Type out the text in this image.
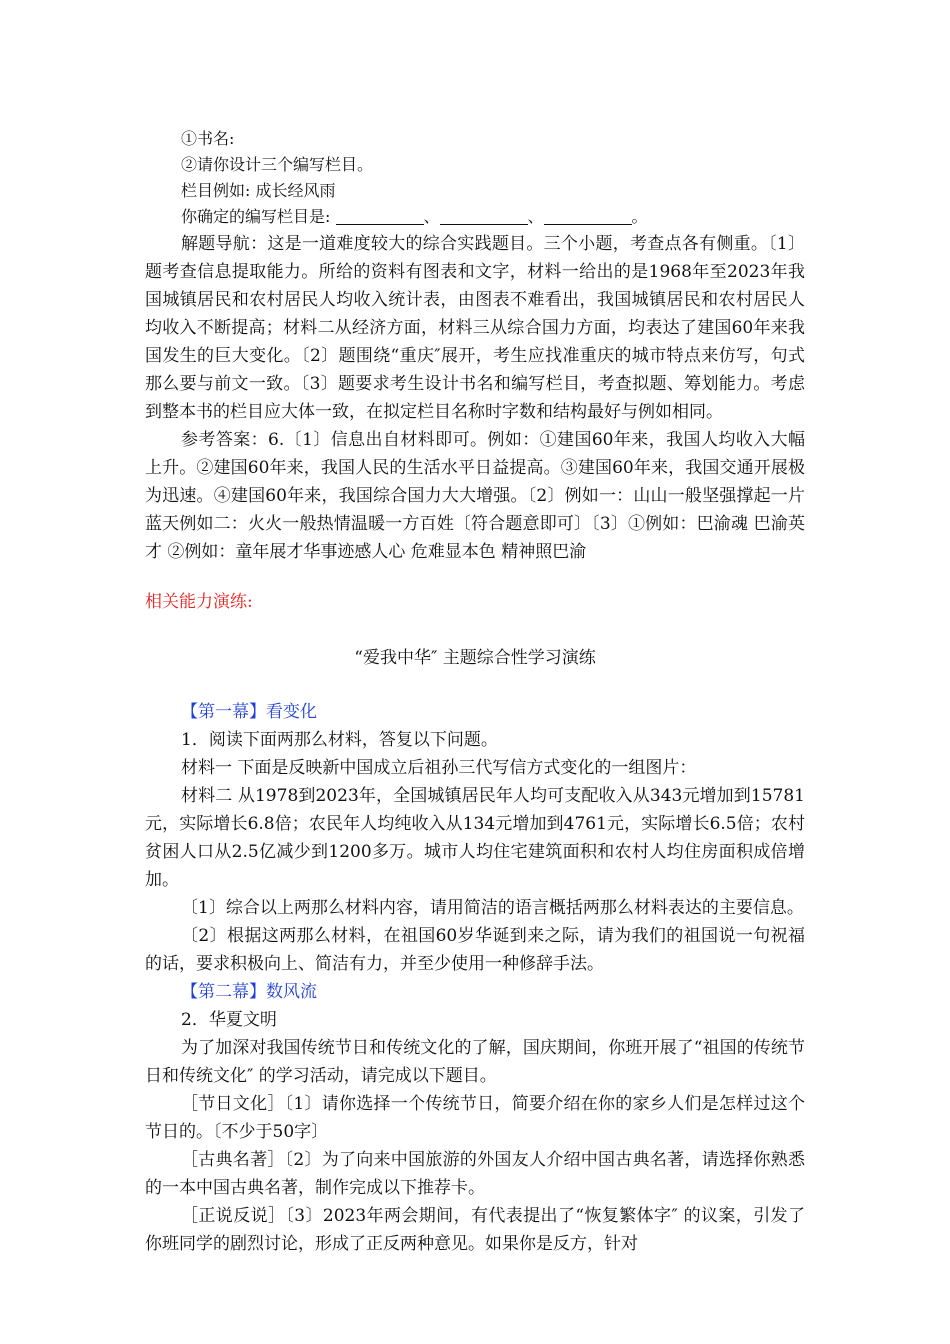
①书名:

②请你设计三个编写栏目。

栏目例如: 成长经风雨

你确定的编写栏目是:	、	、	。

解题导航：这是一道难度较大的综合实践题目。三个小题，考查点各有侧重。〔1〕题考查信息提取能力。所给的资料有图表和文字，材料一给出的是1968年至2023年我国城镇居民和农村居民人均收入统计表，由图表不难看出，我国城镇居民和农村居民人均收入不断提高；材料二从经济方面，材料三从综合国力方面，均表达了建国60年来我国发生的巨大变化。〔2〕题围绕“重庆″展开，考生应找准重庆的城市特点来仿写，句式那么要与前文一致。〔3〕题要求考生设计书名和编写栏目，考查拟题、筹划能力。考虑到整本书的栏目应大体一致，在拟定栏目名称时字数和结构最好与例如相同。

参考答案：6.〔1〕信息出自材料即可。例如：①建国60年来，我国人均收入大幅上升。②建国60年来，我国人民的生活水平日益提高。③建国60年来，我国交通开展极为迅速。④建国60年来，我国综合国力大大增强。〔2〕例如一：山山一般坚强撑起一片蓝天例如二：火火一般热情温暖一方百姓〔符合题意即可〕〔3〕①例如：巴渝魂 巴渝英才 ②例如：童年展才华事迹感人心 危难显本色 精神照巴渝

相关能力演练:

“爱我中华″ 主题综合性学习演练

【第一幕】看变化

1．阅读下面两那么材料，答复以下问题。

材料一 下面是反映新中国成立后祖孙三代写信方式变化的一组图片：

材料二 从1978到2023年，全国城镇居民年人均可支配收入从343元增加到15781元，实际增长6.8倍；农民年人均纯收入从134元增加到4761元，实际增长6.5倍；农村贫困人口从2.5亿减少到1200多万。城市人均住宅建筑面积和农村人均住房面积成倍增加。

〔1〕综合以上两那么材料内容，请用简洁的语言概括两那么材料表达的主要信息。

〔2〕根据这两那么材料，在祖国60岁华诞到来之际，请为我们的祖国说一句祝福的话，要求积极向上、简洁有力，并至少使用一种修辞手法。

【第二幕】数风流

2．华夏文明

为了加深对我国传统节日和传统文化的了解，国庆期间，你班开展了“祖国的传统节日和传统文化″ 的学习活动，请完成以下题目。

［节日文化］〔1〕请你选择一个传统节日，简要介绍在你的家乡人们是怎样过这个节日的。〔不少于50字〕

［古典名著］〔2〕为了向来中国旅游的外国友人介绍中国古典名著，请选择你熟悉的一本中国古典名著，制作完成以下推荐卡。

［正说反说］〔3〕2023年两会期间，有代表提出了“恢复繁体字″ 的议案，引发了你班同学的剧烈讨论，形成了正反两种意见。如果你是反方，针对
